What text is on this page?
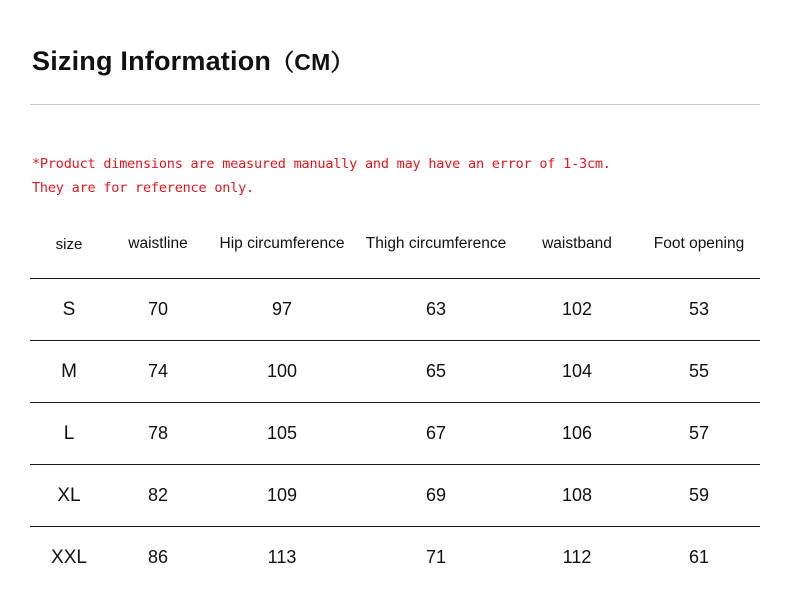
Sizing Information（CM）
*Product dimensions are measured manually and may have an error of 1-3cm.
They are for reference only.
size	waistline	Hip circumference	Thigh circumference	waistband	Foot opening
S	70	97	63	102	53
M	74	100	65	104	55
L	78	105	67	106	57
XL	82	109	69	108	59
XXL	86	113	71	112	61
